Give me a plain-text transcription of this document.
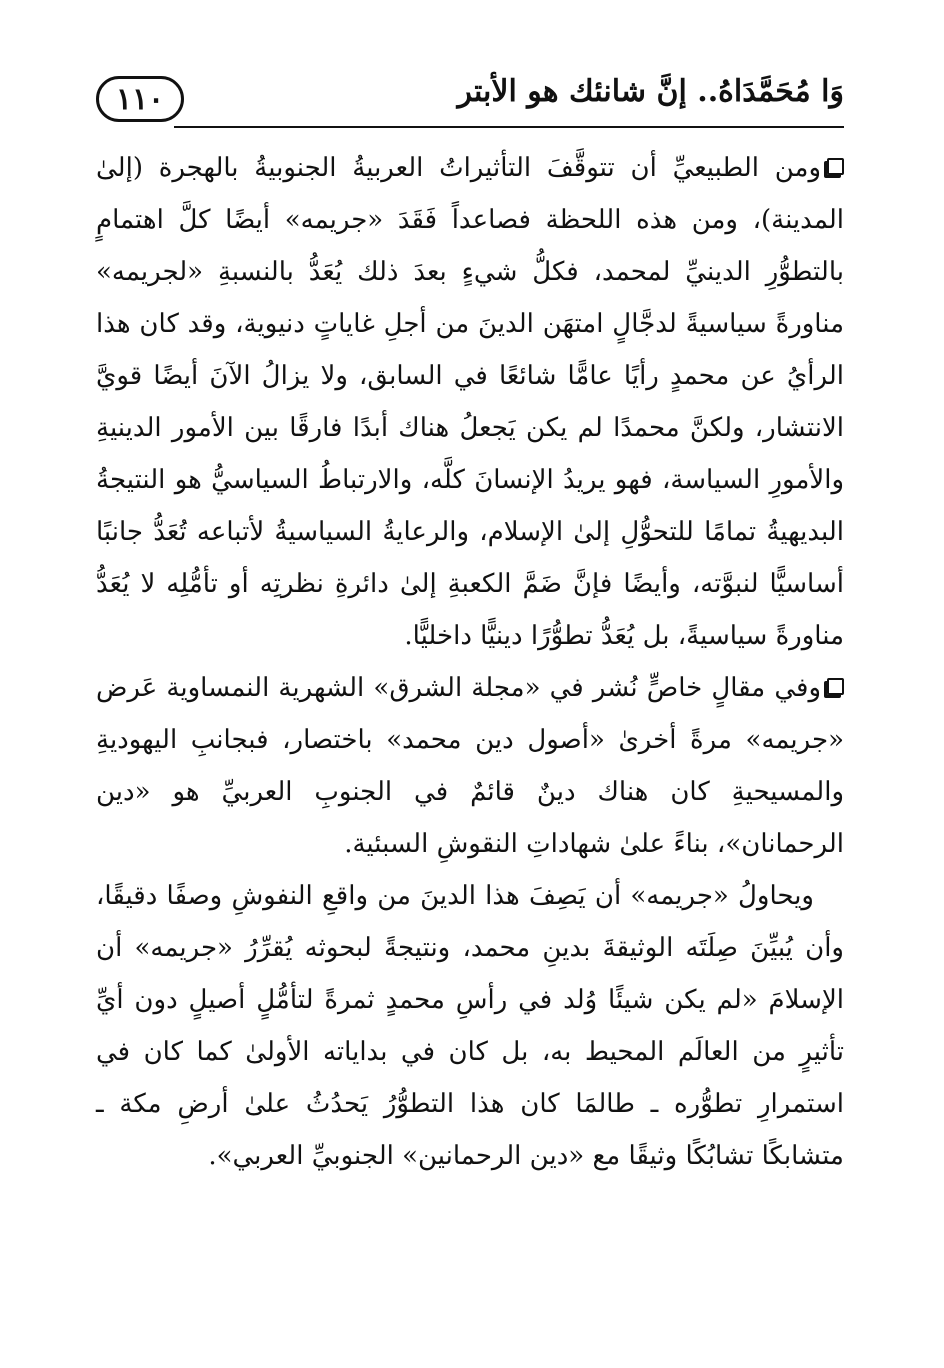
١١٠	وَا مُحَمَّدَاهُ.. إنَّ شانئك هو الأبتر

ومن الطبيعيِّ أن تتوقَّفَ التأثيراتُ العربيةُ الجنوبيةُ بالهجرة (إلىٰ المدينة)، ومن هذه اللحظة فصاعداً فَقَدَ «جريمه» أيضًا كلَّ اهتمامٍ بالتطوُّرِ الدينيِّ لمحمد، فكلُّ شيءٍ بعدَ ذلك يُعَدُّ بالنسبةِ «لجريمه» مناورةً سياسيةً لدجَّالٍ امتهَن الدينَ من أجلِ غاياتٍ دنيوية، وقد كان هذا الرأيُ عن محمدٍ رأيًا عامًّا شائعًا في السابق، ولا يزالُ الآنَ أيضًا قويَّ الانتشار، ولكنَّ محمدًا لم يكن يَجعلُ هناك أبدًا فارقًا بين الأمور الدينيةِ والأمورِ السياسة، فهو يريدُ الإنسانَ كلَّه، والارتباطُ السياسيُّ هو النتيجةُ البديهيةُ تمامًا للتحوُّلِ إلىٰ الإسلام، والرعايةُ السياسيةُ لأتباعه تُعَدُّ جانبًا أساسيًّا لنبوَّته، وأيضًا فإنَّ ضَمَّ الكعبةِ إلىٰ دائرةِ نظرتِه أو تأمُّلِه لا يُعَدُّ مناورةً سياسيةً، بل يُعَدُّ تطوُّرًا دينيًّا داخليًّا.

وفي مقالٍ خاصٍّ نُشر في «مجلة الشرق» الشهرية النمساوية عَرض «جريمه» مرةً أخرىٰ «أصول دين محمد» باختصار، فبجانبِ اليهوديةِ والمسيحيةِ كان هناك دينٌ قائمٌ في الجنوبِ العربيِّ هو «دين الرحمانان»، بناءً علىٰ شهاداتِ النقوشِ السبئية.

ويحاولُ «جريمه» أن يَصِفَ هذا الدينَ من واقعِ النفوشِ وصفًا دقيقًا، وأن يُبيِّنَ صِلَتَه الوثيقةَ بدينِ محمد، ونتيجةً لبحوثه يُقرِّرُ «جريمه» أن الإسلامَ «لم يكن شيئًا وُلد في رأسِ محمدٍ ثمرةً لتأمُّلٍ أصيلٍ دون أيِّ تأثيرٍ من العالَم المحيط به، بل كان في بداياته الأولىٰ كما كان في استمرارِ تطوُّره ـ طالمَا كان هذا التطوُّرُ يَحدُثُ علىٰ أرضِ مكة ـ متشابكًا تشابُكًا وثيقًا مع «دين الرحمانين» الجنوبيِّ العربي».
